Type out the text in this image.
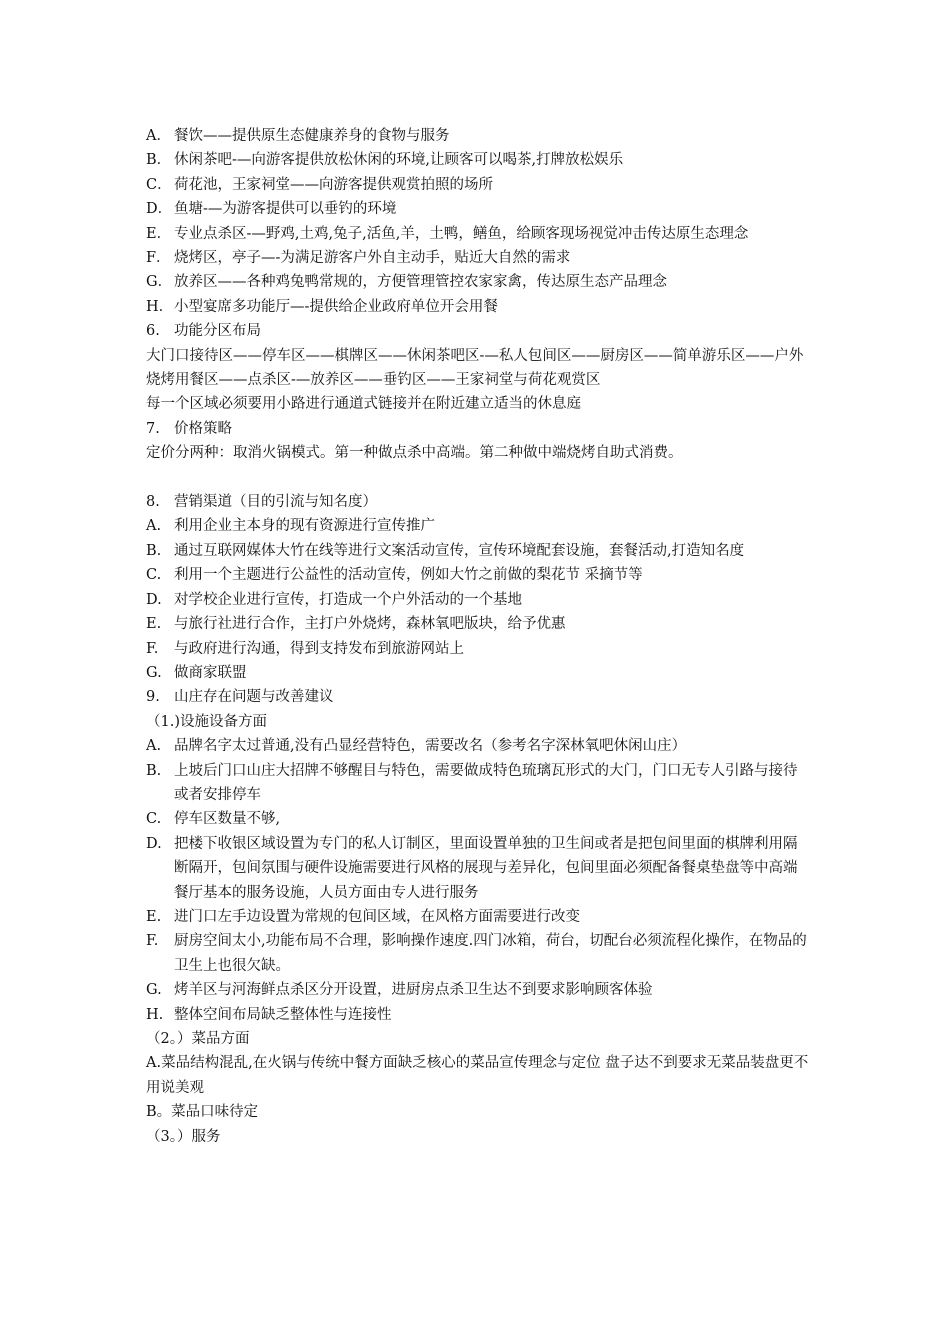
A． 餐饮——提供原生态健康养身的食物与服务
B． 休闲茶吧-—向游客提供放松休闲的环境,让顾客可以喝茶,打牌放松娱乐
C． 荷花池，王家祠堂——向游客提供观赏拍照的场所
D． 鱼塘-—为游客提供可以垂钓的环境
E． 专业点杀区-—野鸡,土鸡,兔子,活鱼,羊，土鸭，鳝鱼，给顾客现场视觉冲击传达原生态理念
F． 烧烤区，亭子—-为满足游客户外自主动手，贴近大自然的需求
G． 放养区——各种鸡兔鸭常规的，方便管理管控农家家禽，传达原生态产品理念
H． 小型宴席多功能厅—-提供给企业政府单位开会用餐
6. 功能分区布局
大门口接待区——停车区——棋牌区——休闲茶吧区-—私人包间区——厨房区——简单游乐区——户外烧烤用餐区——点杀区-—放养区——垂钓区——王家祠堂与荷花观赏区
每一个区域必须要用小路进行通道式链接并在附近建立适当的休息庭
7. 价格策略
定价分两种：取消火锅模式。第一种做点杀中高端。第二种做中端烧烤自助式消费。
8. 营销渠道（目的引流与知名度）
A. 利用企业主本身的现有资源进行宣传推广
B. 通过互联网媒体大竹在线等进行文案活动宣传，宣传环境配套设施，套餐活动,打造知名度
C. 利用一个主题进行公益性的活动宣传，例如大竹之前做的梨花节 采摘节等
D. 对学校企业进行宣传，打造成一个户外活动的一个基地
E. 与旅行社进行合作，主打户外烧烤，森林氧吧版块，给予优惠
F.	与政府进行沟通，得到支持发布到旅游网站上
G. 做商家联盟
9. 山庄存在问题与改善建议
（1.)设施设备方面
A. 品牌名字太过普通,没有凸显经营特色，需要改名（参考名字深林氧吧休闲山庄）
B. 上坡后门口山庄大招牌不够醒目与特色，需要做成特色琉璃瓦形式的大门，门口无专人引路与接待或者安排停车
C. 停车区数量不够,
D. 把楼下收银区域设置为专门的私人订制区，里面设置单独的卫生间或者是把包间里面的棋牌利用隔断隔开，包间氛围与硬件设施需要进行风格的展现与差异化，包间里面必须配备餐桌垫盘等中高端餐厅基本的服务设施，人员方面由专人进行服务
E. 进门口左手边设置为常规的包间区域，在风格方面需要进行改变
F.	厨房空间太小,功能布局不合理，影响操作速度.四门冰箱，荷台，切配台必须流程化操作，在物品的卫生上也很欠缺。
G. 烤羊区与河海鲜点杀区分开设置，进厨房点杀卫生达不到要求影响顾客体验
H. 整体空间布局缺乏整体性与连接性
（2。）菜品方面
A.菜品结构混乱,在火锅与传统中餐方面缺乏核心的菜品宣传理念与定位 盘子达不到要求无菜品装盘更不用说美观
B。菜品口味待定
（3。）服务
